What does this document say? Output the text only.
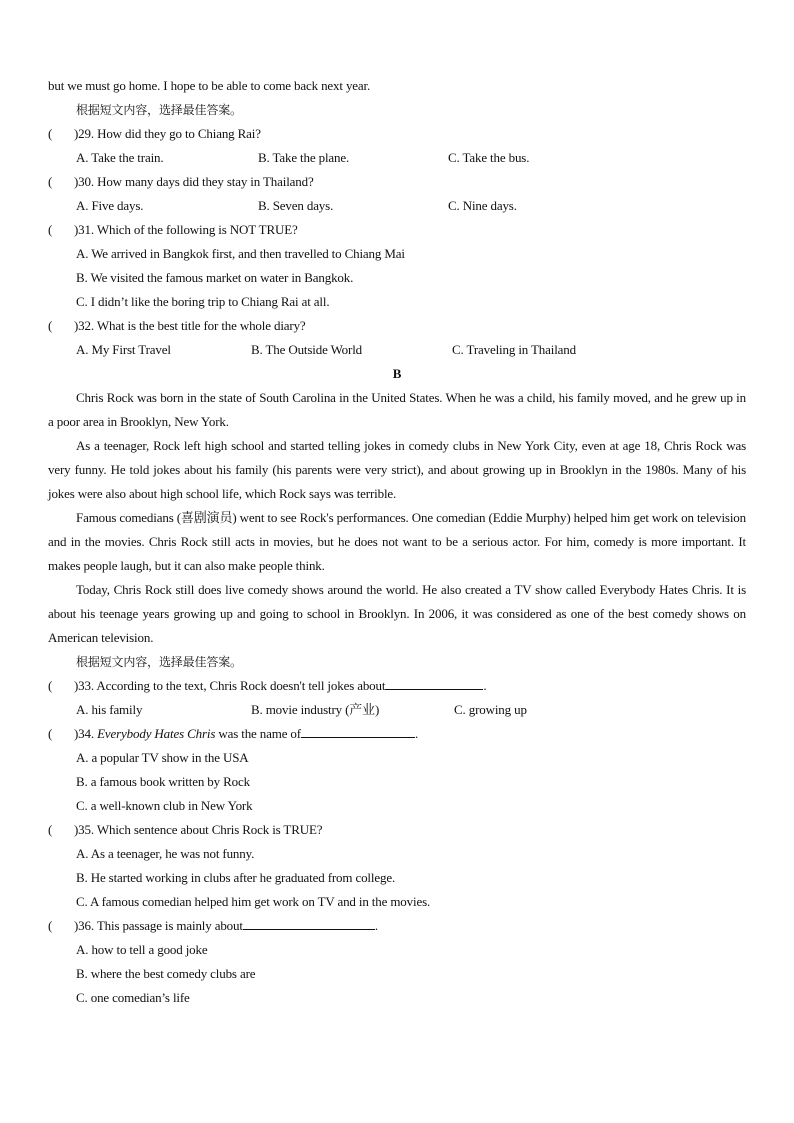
but we must go home. I hope to be able to come back next year.
根据短文内容，选择最佳答案。
( )29. How did they go to Chiang Rai?
A. Take the train.	B. Take the plane.	C. Take the bus.
( )30. How many days did they stay in Thailand?
A. Five days.	B. Seven days.	C. Nine days.
( )31. Which of the following is NOT TRUE?
A. We arrived in Bangkok first, and then travelled to Chiang Mai
B. We visited the famous market on water in Bangkok.
C. I didn’t like the boring trip to Chiang Rai at all.
( )32. What is the best title for the whole diary?
A. My First Travel	B. The Outside World	C. Traveling in Thailand
B
Chris Rock was born in the state of South Carolina in the United States. When he was a child, his family moved, and he grew up in a poor area in Brooklyn, New York.
As a teenager, Rock left high school and started telling jokes in comedy clubs in New York City, even at age 18, Chris Rock was very funny. He told jokes about his family (his parents were very strict), and about growing up in Brooklyn in the 1980s. Many of his jokes were also about high school life, which Rock says was terrible.
Famous comedians (喜剧演员) went to see Rock's performances. One comedian (Eddie Murphy) helped him get work on television and in the movies. Chris Rock still acts in movies, but he does not want to be a serious actor. For him, comedy is more important. It makes people laugh, but it can also make people think.
Today, Chris Rock still does live comedy shows around the world. He also created a TV show called Everybody Hates Chris. It is about his teenage years growing up and going to school in Brooklyn. In 2006, it was considered as one of the best comedy shows on American television.
根据短文内容，选择最佳答案。
( )33. According to the text, Chris Rock doesn't tell jokes about	.
A. his family	B. movie industry (产业)	C. growing up
( )34. Everybody Hates Chris was the name of	.
A. a popular TV show in the USA
B. a famous book written by Rock
C. a well-known club in New York
( )35. Which sentence about Chris Rock is TRUE?
A. As a teenager, he was not funny.
B. He started working in clubs after he graduated from college.
C. A famous comedian helped him get work on TV and in the movies.
( )36. This passage is mainly about	.
A. how to tell a good joke
B. where the best comedy clubs are
C. one comedian’s life
